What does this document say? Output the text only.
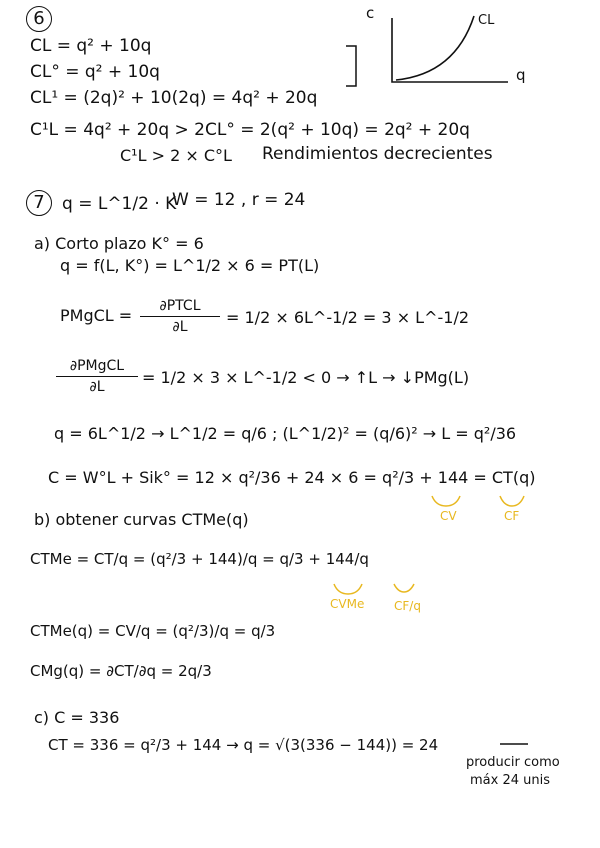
6
CL = q² + 10q
CL° = q² + 10q
CL¹ = (2q)² + 10(2q) = 4q² + 20q
C¹L = 4q² + 20q > 2CL° = 2(q² + 10q) = 2q² + 20q
C¹L > 2 × C°L Rendimientos decrecientes
c	CL
q
7	q = L^1/2 · K
W = 12 , r = 24
a) Corto plazo K° = 6
q = f(L, K°) = L^1/2 × 6 = PT(L)
PMgCL =	∂PTCL
∂L	= 1/2 × 6L^-1/2 = 3 × L^-1/2
∂PMgCL
∂L	= 1/2 × 3 × L^-1/2 < 0 → ↑L → ↓PMg(L)
q = 6L^1/2 → L^1/2 = q/6 ; (L^1/2)² = (q/6)² → L = q²/36
C = W°L + Sik° = 12 × q²/36 + 24 × 6 = q²/3 + 144 = CT(q)
CV	CF
b) obtener curvas CTMe(q)
CTMe = CT/q = (q²/3 + 144)/q = q/3 + 144/q
CVMe CF/q
CTMe(q) = CV/q = (q²/3)/q = q/3
CMg(q) = ∂CT/∂q = 2q/3
c) C = 336
CT = 336 = q²/3 + 144 → q = √(3(336 − 144)) = 24
producir como
máx 24 unis
